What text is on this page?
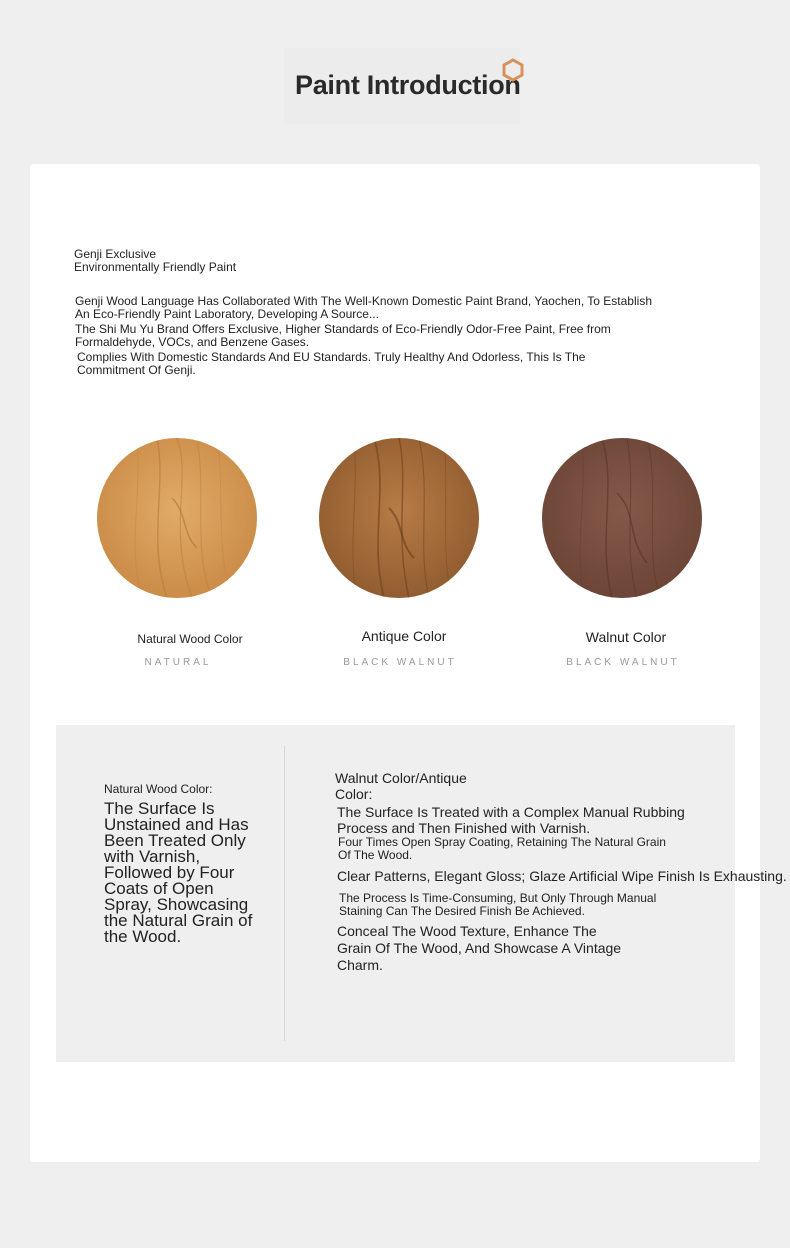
Paint Introduction
Genji Exclusive
Environmentally Friendly Paint
Genji Wood Language Has Collaborated With The Well-Known Domestic Paint Brand, Yaochen, To Establish An Eco-Friendly Paint Laboratory, Developing A Source...
The Shi Mu Yu Brand Offers Exclusive, Higher Standards of Eco-Friendly Odor-Free Paint, Free from Formaldehyde, VOCs, and Benzene Gases.
Complies With Domestic Standards And EU Standards. Truly Healthy And Odorless, This Is The Commitment Of Genji.
Natural Wood Color	Antique Color	Walnut Color
NATURAL	BLACK WALNUT	BLACK WALNUT
Natural Wood Color:
The Surface Is Unstained and Has Been Treated Only with Varnish, Followed by Four Coats of Open Spray, Showcasing the Natural Grain of the Wood.
Walnut Color/Antique Color:
The Surface Is Treated with a Complex Manual Rubbing Process and Then Finished with Varnish.
Four Times Open Spray Coating, Retaining The Natural Grain Of The Wood.
Clear Patterns, Elegant Gloss; Glaze Artificial Wipe Finish Is Exhausting.
The Process Is Time-Consuming, But Only Through Manual Staining Can The Desired Finish Be Achieved.
Conceal The Wood Texture, Enhance The Grain Of The Wood, And Showcase A Vintage Charm.
